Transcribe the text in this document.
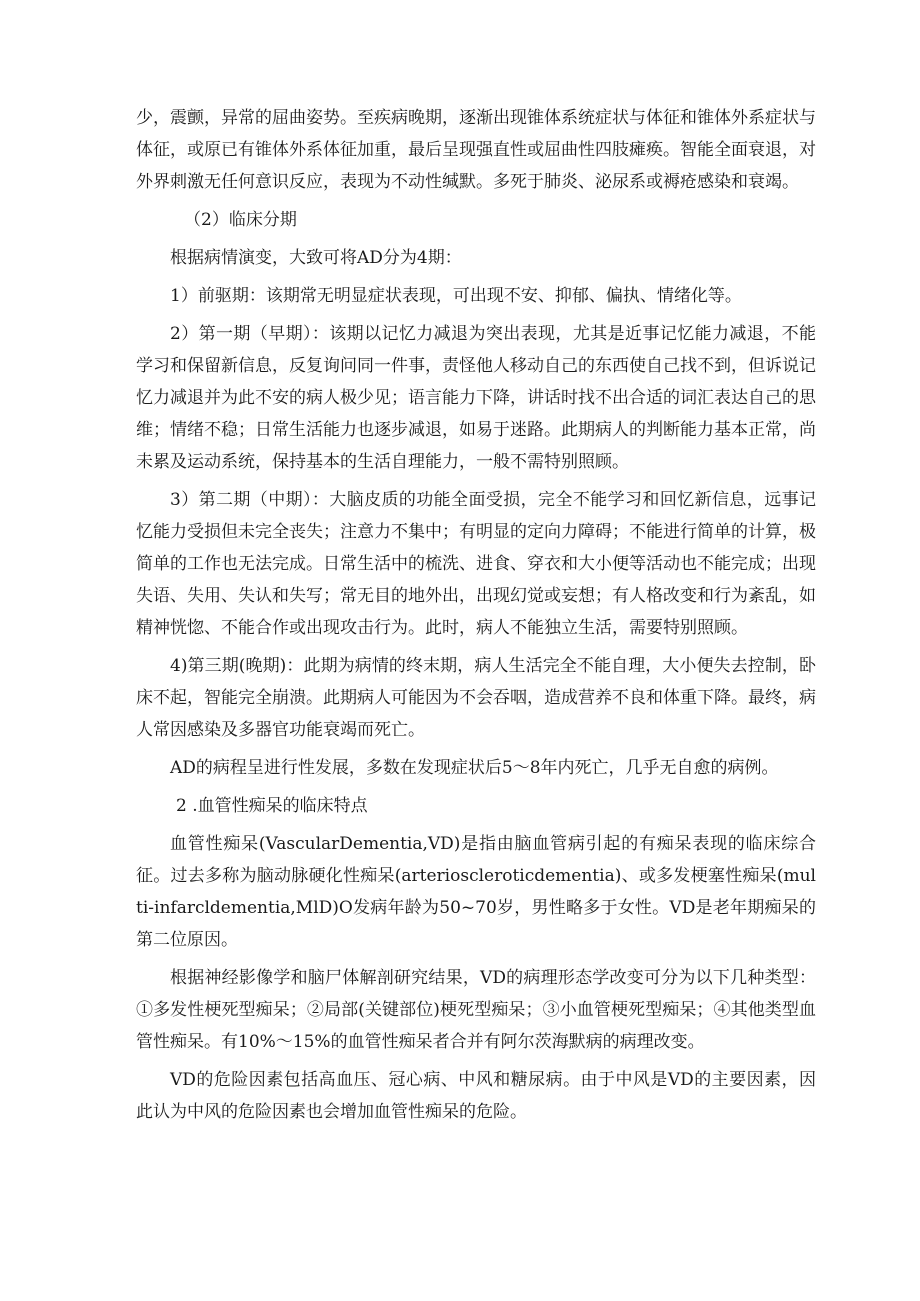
少，震颤，异常的屈曲姿势。至疾病晚期，逐渐出现锥体系统症状与体征和锥体外系症状与体征，或原已有锥体外系体征加重，最后呈现强直性或屈曲性四肢瘫痪。智能全面衰退，对外界刺激无任何意识反应，表现为不动性缄默。多死于肺炎、泌尿系或褥疮感染和衰竭。

（2）临床分期

根据病情演变，大致可将AD分为4期：

1）前驱期：该期常无明显症状表现，可出现不安、抑郁、偏执、情绪化等。

2）第一期（早期）：该期以记忆力减退为突出表现，尤其是近事记忆能力减退，不能学习和保留新信息，反复询问同一件事，责怪他人移动自己的东西使自己找不到，但诉说记忆力减退并为此不安的病人极少见；语言能力下降，讲话时找不出合适的词汇表达自己的思维；情绪不稳；日常生活能力也逐步减退，如易于迷路。此期病人的判断能力基本正常，尚未累及运动系统，保持基本的生活自理能力，一般不需特别照顾。

3）第二期（中期）：大脑皮质的功能全面受损，完全不能学习和回忆新信息，远事记忆能力受损但未完全丧失；注意力不集中；有明显的定向力障碍；不能进行简单的计算，极简单的工作也无法完成。日常生活中的梳洗、进食、穿衣和大小便等活动也不能完成；出现失语、失用、失认和失写；常无目的地外出，出现幻觉或妄想；有人格改变和行为紊乱，如精神恍惚、不能合作或出现攻击行为。此时，病人不能独立生活，需要特别照顾。

4)第三期(晚期)：此期为病情的终末期，病人生活完全不能自理，大小便失去控制，卧床不起，智能完全崩溃。此期病人可能因为不会吞咽，造成营养不良和体重下降。最终，病人常因感染及多器官功能衰竭而死亡。

AD的病程呈进行性发展，多数在发现症状后5～8年内死亡，几乎无自愈的病例。

2 .血管性痴呆的临床特点

血管性痴呆(VascularDementia,VD)是指由脑血管病引起的有痴呆表现的临床综合征。过去多称为脑动脉硬化性痴呆(arterioscleroticdementia)、或多发梗塞性痴呆(multi-infarcldementia,MlD)O发病年龄为50~70岁，男性略多于女性。VD是老年期痴呆的第二位原因。

根据神经影像学和脑尸体解剖研究结果，VD的病理形态学改变可分为以下几种类型：①多发性梗死型痴呆；②局部(关键部位)梗死型痴呆；③小血管梗死型痴呆；④其他类型血管性痴呆。有10%～15%的血管性痴呆者合并有阿尔茨海默病的病理改变。

VD的危险因素包括高血压、冠心病、中风和糖尿病。由于中风是VD的主要因素，因此认为中风的危险因素也会增加血管性痴呆的危险。
